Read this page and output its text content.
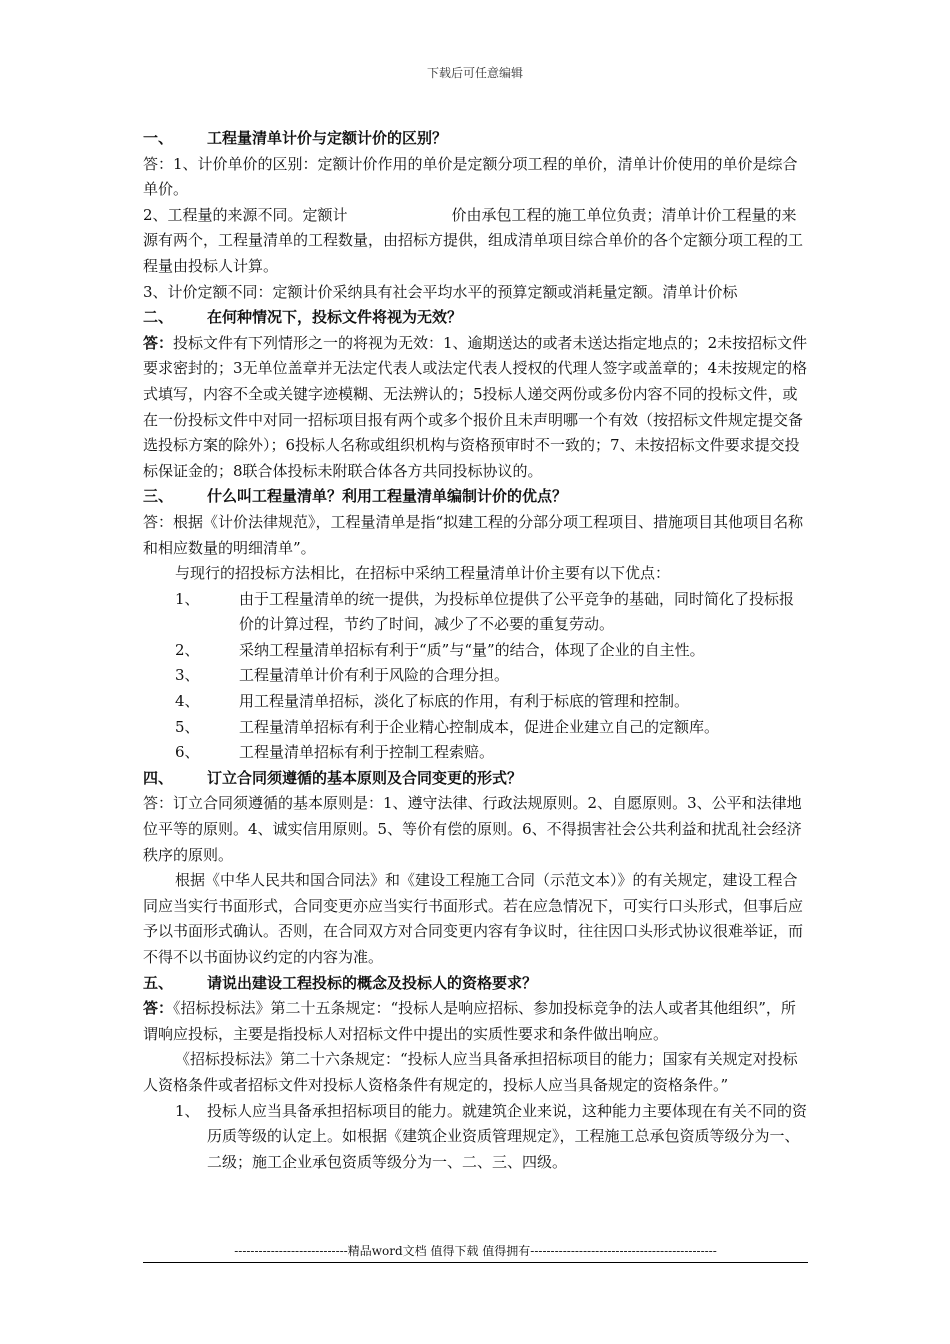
下载后可任意编辑

一、	工程量清单计价与定额计价的区别？

答：1、计价单价的区别：定额计价作用的单价是定额分项工程的单价，清单计价使用的单价是综合单价。

2、工程量的来源不同。定额计	价由承包工程的施工单位负责；清单计价工程量的来源有两个，工程量清单的工程数量，由招标方提供，组成清单项目综合单价的各个定额分项工程的工程量由投标人计算。

3、计价定额不同：定额计价采纳具有社会平均水平的预算定额或消耗量定额。清单计价标

二、	在何种情况下，投标文件将视为无效？

答：投标文件有下列情形之一的将视为无效：1、逾期送达的或者未送达指定地点的；2未按招标文件要求密封的；3无单位盖章并无法定代表人或法定代表人授权的代理人签字或盖章的；4未按规定的格式填写，内容不全或关键字迹模糊、无法辨认的；5投标人递交两份或多份内容不同的投标文件，或在一份投标文件中对同一招标项目报有两个或多个报价且未声明哪一个有效（按招标文件规定提交备选投标方案的除外）；6投标人名称或组织机构与资格预审时不一致的；7、未按招标文件要求提交投标保证金的；8联合体投标未附联合体各方共同投标协议的。

三、	什么叫工程量清单？利用工程量清单编制计价的优点？

答：根据《计价法律规范》，工程量清单是指“拟建工程的分部分项工程项目、措施项目其他项目名称和相应数量的明细清单”。

与现行的招投标方法相比，在招标中采纳工程量清单计价主要有以下优点：

1、	由于工程量清单的统一提供，为投标单位提供了公平竞争的基础，同时简化了投标报价的计算过程，节约了时间，减少了不必要的重复劳动。
2、	采纳工程量清单招标有利于“质”与“量”的结合，体现了企业的自主性。
3、	工程量清单计价有利于风险的合理分担。
4、	用工程量清单招标，淡化了标底的作用，有利于标底的管理和控制。
5、	工程量清单招标有利于企业精心控制成本，促进企业建立自己的定额库。
6、	工程量清单招标有利于控制工程索赔。

四、	订立合同须遵循的基本原则及合同变更的形式？

答：订立合同须遵循的基本原则是：1、遵守法律、行政法规原则。2、自愿原则。3、公平和法律地位平等的原则。4、诚实信用原则。5、等价有偿的原则。6、不得损害社会公共利益和扰乱社会经济秩序的原则。

根据《中华人民共和国合同法》和《建设工程施工合同（示范文本）》的有关规定，建设工程合同应当实行书面形式，合同变更亦应当实行书面形式。若在应急情况下，可实行口头形式，但事后应予以书面形式确认。否则，在合同双方对合同变更内容有争议时，往往因口头形式协议很难举证，而不得不以书面协议约定的内容为准。

五、	请说出建设工程投标的概念及投标人的资格要求？

答：《招标投标法》第二十五条规定：“投标人是响应招标、参加投标竞争的法人或者其他组织”，所谓响应投标，主要是指投标人对招标文件中提出的实质性要求和条件做出响应。

《招标投标法》第二十六条规定：“投标人应当具备承担招标项目的能力；国家有关规定对投标人资格条件或者招标文件对投标人资格条件有规定的，投标人应当具备规定的资格条件。”

1、 投标人应当具备承担招标项目的能力。就建筑企业来说，这种能力主要体现在有关不同的资历质等级的认定上。如根据《建筑企业资质管理规定》，工程施工总承包资质等级分为一、二级；施工企业承包资质等级分为一、二、三、四级。
----------------------------精品word文档 值得下载 值得拥有----------------------------------------------
